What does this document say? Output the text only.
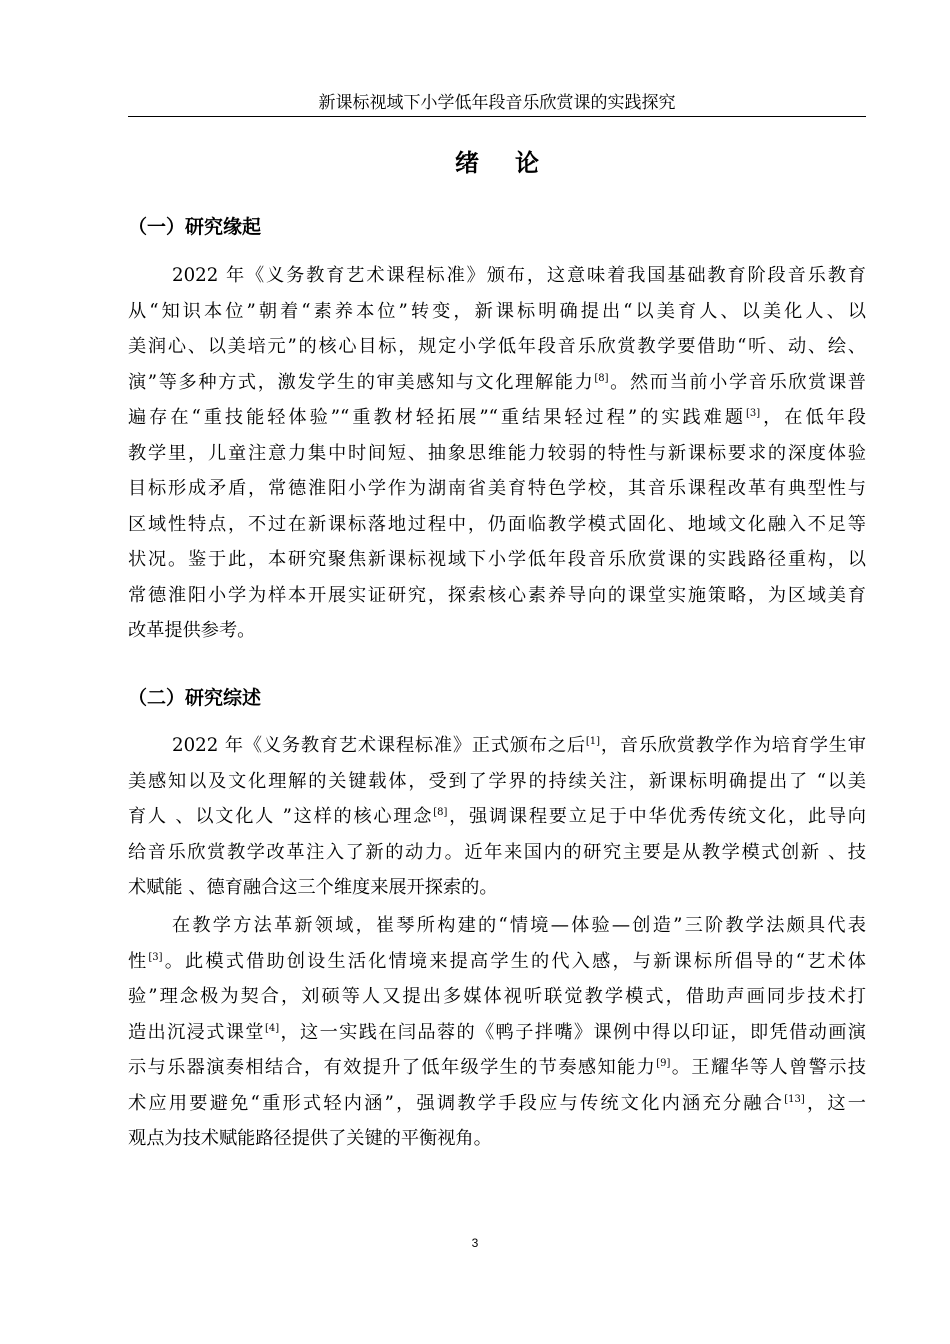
新课标视域下小学低年段音乐欣赏课的实践探究
绪论
（一）研究缘起
2022 年《义务教育艺术课程标准》颁布，这意味着我国基础教育阶段音乐教育
从“知识本位”朝着“素养本位”转变，新课标明确提出“以美育人、以美化人、以
美润心、以美培元”的核心目标，规定小学低年段音乐欣赏教学要借助“听、动、绘、
演”等多种方式，激发学生的审美感知与文化理解能力[8]。然而当前小学音乐欣赏课普
遍存在“重技能轻体验”“重教材轻拓展”“重结果轻过程”的实践难题[3]，在低年段
教学里，儿童注意力集中时间短、抽象思维能力较弱的特性与新课标要求的深度体验
目标形成矛盾，常德淮阳小学作为湖南省美育特色学校，其音乐课程改革有典型性与
区域性特点，不过在新课标落地过程中，仍面临教学模式固化、地域文化融入不足等
状况。鉴于此，本研究聚焦新课标视域下小学低年段音乐欣赏课的实践路径重构，以
常德淮阳小学为样本开展实证研究，探索核心素养导向的课堂实施策略，为区域美育
改革提供参考。
（二）研究综述
2022 年《义务教育艺术课程标准》正式颁布之后[1]，音乐欣赏教学作为培育学生审
美感知以及文化理解的关键载体，受到了学界的持续关注，新课标明确提出了 “以美
育人 、以文化人 ”这样的核心理念[8]，强调课程要立足于中华优秀传统文化，此导向
给音乐欣赏教学改革注入了新的动力。近年来国内的研究主要是从教学模式创新 、技
术赋能 、德育融合这三个维度来展开探索的。
在教学方法革新领域，崔琴所构建的“情境—体验—创造”三阶教学法颇具代表
性[3]。此模式借助创设生活化情境来提高学生的代入感，与新课标所倡导的“艺术体
验”理念极为契合，刘硕等人又提出多媒体视听联觉教学模式，借助声画同步技术打
造出沉浸式课堂[4]，这一实践在闫品蓉的《鸭子拌嘴》课例中得以印证，即凭借动画演
示与乐器演奏相结合，有效提升了低年级学生的节奏感知能力[9]。王耀华等人曾警示技
术应用要避免“重形式轻内涵”，强调教学手段应与传统文化内涵充分融合[13]，这一
观点为技术赋能路径提供了关键的平衡视角。
3
